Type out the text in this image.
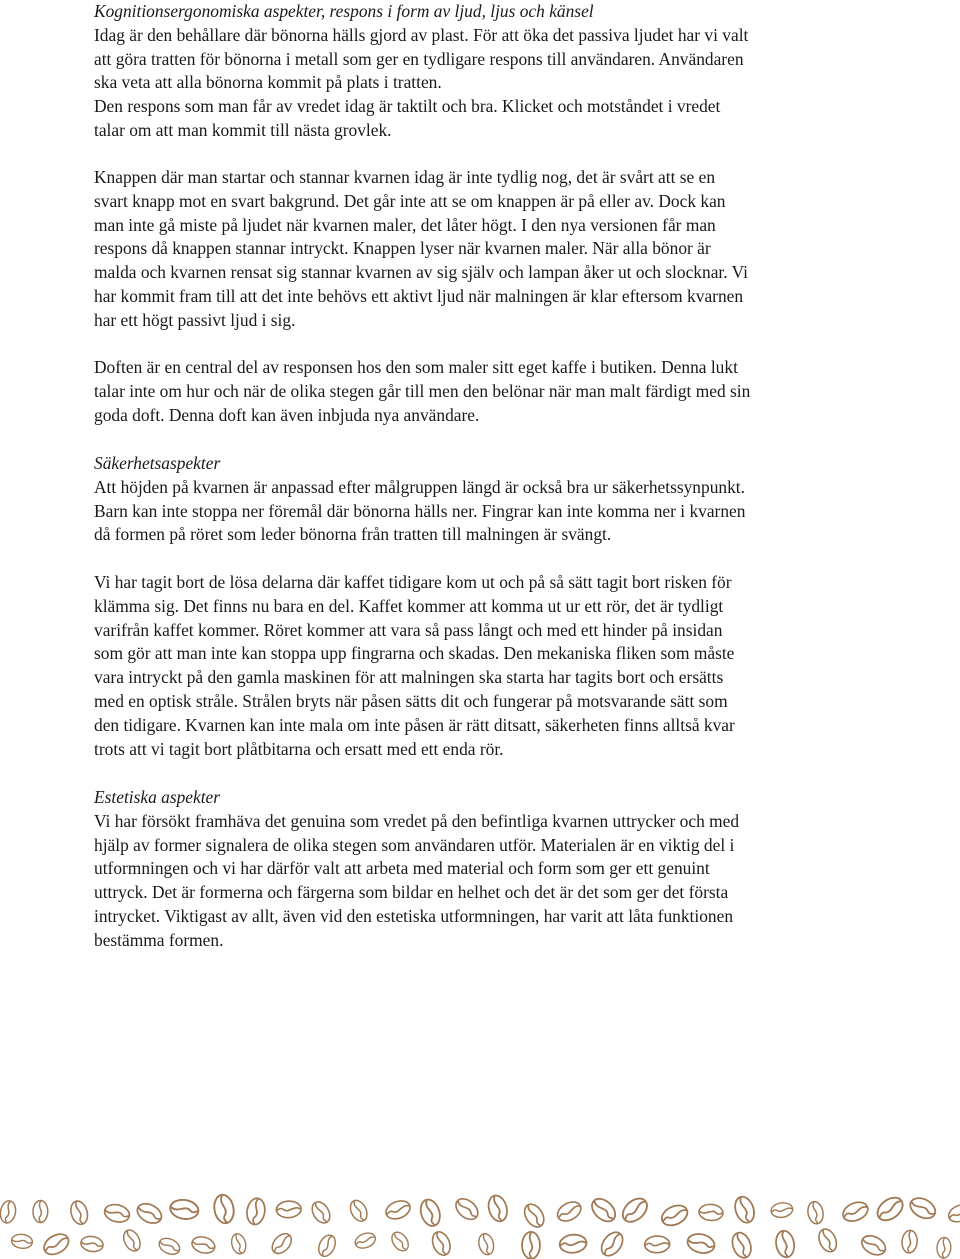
Kognitionsergonomiska aspekter, respons i form av ljud, ljus och känsel
Idag är den behållare där bönorna hälls gjord av plast. För att öka det passiva ljudet har vi valt
att göra tratten för bönorna i metall som ger en tydligare respons till användaren. Användaren
ska veta att alla bönorna kommit på plats i tratten.
Den respons som man får av vredet idag är taktilt och bra. Klicket och motståndet i vredet
talar om att man kommit till nästa grovlek.
Knappen där man startar och stannar kvarnen idag är inte tydlig nog, det är svårt att se en
svart knapp mot en svart bakgrund. Det går inte att se om knappen är på eller av. Dock kan
man inte gå miste på ljudet när kvarnen maler, det låter högt. I den nya versionen får man
respons då knappen stannar intryckt. Knappen lyser när kvarnen maler. När alla bönor är
malda och kvarnen rensat sig stannar kvarnen av sig själv och lampan åker ut och slocknar. Vi
har kommit fram till att det inte behövs ett aktivt ljud när malningen är klar eftersom kvarnen
har ett högt passivt ljud i sig.
Doften är en central del av responsen hos den som maler sitt eget kaffe i butiken. Denna lukt
talar inte om hur och när de olika stegen går till men den belönar när man malt färdigt med sin
goda doft. Denna doft kan även inbjuda nya användare.
Säkerhetsaspekter
Att höjden på kvarnen är anpassad efter målgruppen längd är också bra ur säkerhetssynpunkt.
Barn kan inte stoppa ner föremål där bönorna hälls ner. Fingrar kan inte komma ner i kvarnen
då formen på röret som leder bönorna från tratten till malningen är svängt.
Vi har tagit bort de lösa delarna där kaffet tidigare kom ut och på så sätt tagit bort risken för
klämma sig. Det finns nu bara en del. Kaffet kommer att komma ut ur ett rör, det är tydligt
varifrån kaffet kommer. Röret kommer att vara så pass långt och med ett hinder på insidan
som gör att man inte kan stoppa upp fingrarna och skadas. Den mekaniska fliken som måste
vara intryckt på den gamla maskinen för att malningen ska starta har tagits bort och ersätts
med en optisk stråle. Strålen bryts när påsen sätts dit och fungerar på motsvarande sätt som
den tidigare. Kvarnen kan inte mala om inte påsen är rätt ditsatt, säkerheten finns alltså kvar
trots att vi tagit bort plåtbitarna och ersatt med ett enda rör.
Estetiska aspekter
Vi har försökt framhäva det genuina som vredet på den befintliga kvarnen uttrycker och med
hjälp av former signalera de olika stegen som användaren utför. Materialen är en viktig del i
utformningen och vi har därför valt att arbeta med material och form som ger ett genuint
uttryck. Det är formerna och färgerna som bildar en helhet och det är det som ger det första
intrycket. Viktigast av allt, även vid den estetiska utformningen, har varit att låta funktionen
bestämma formen.
